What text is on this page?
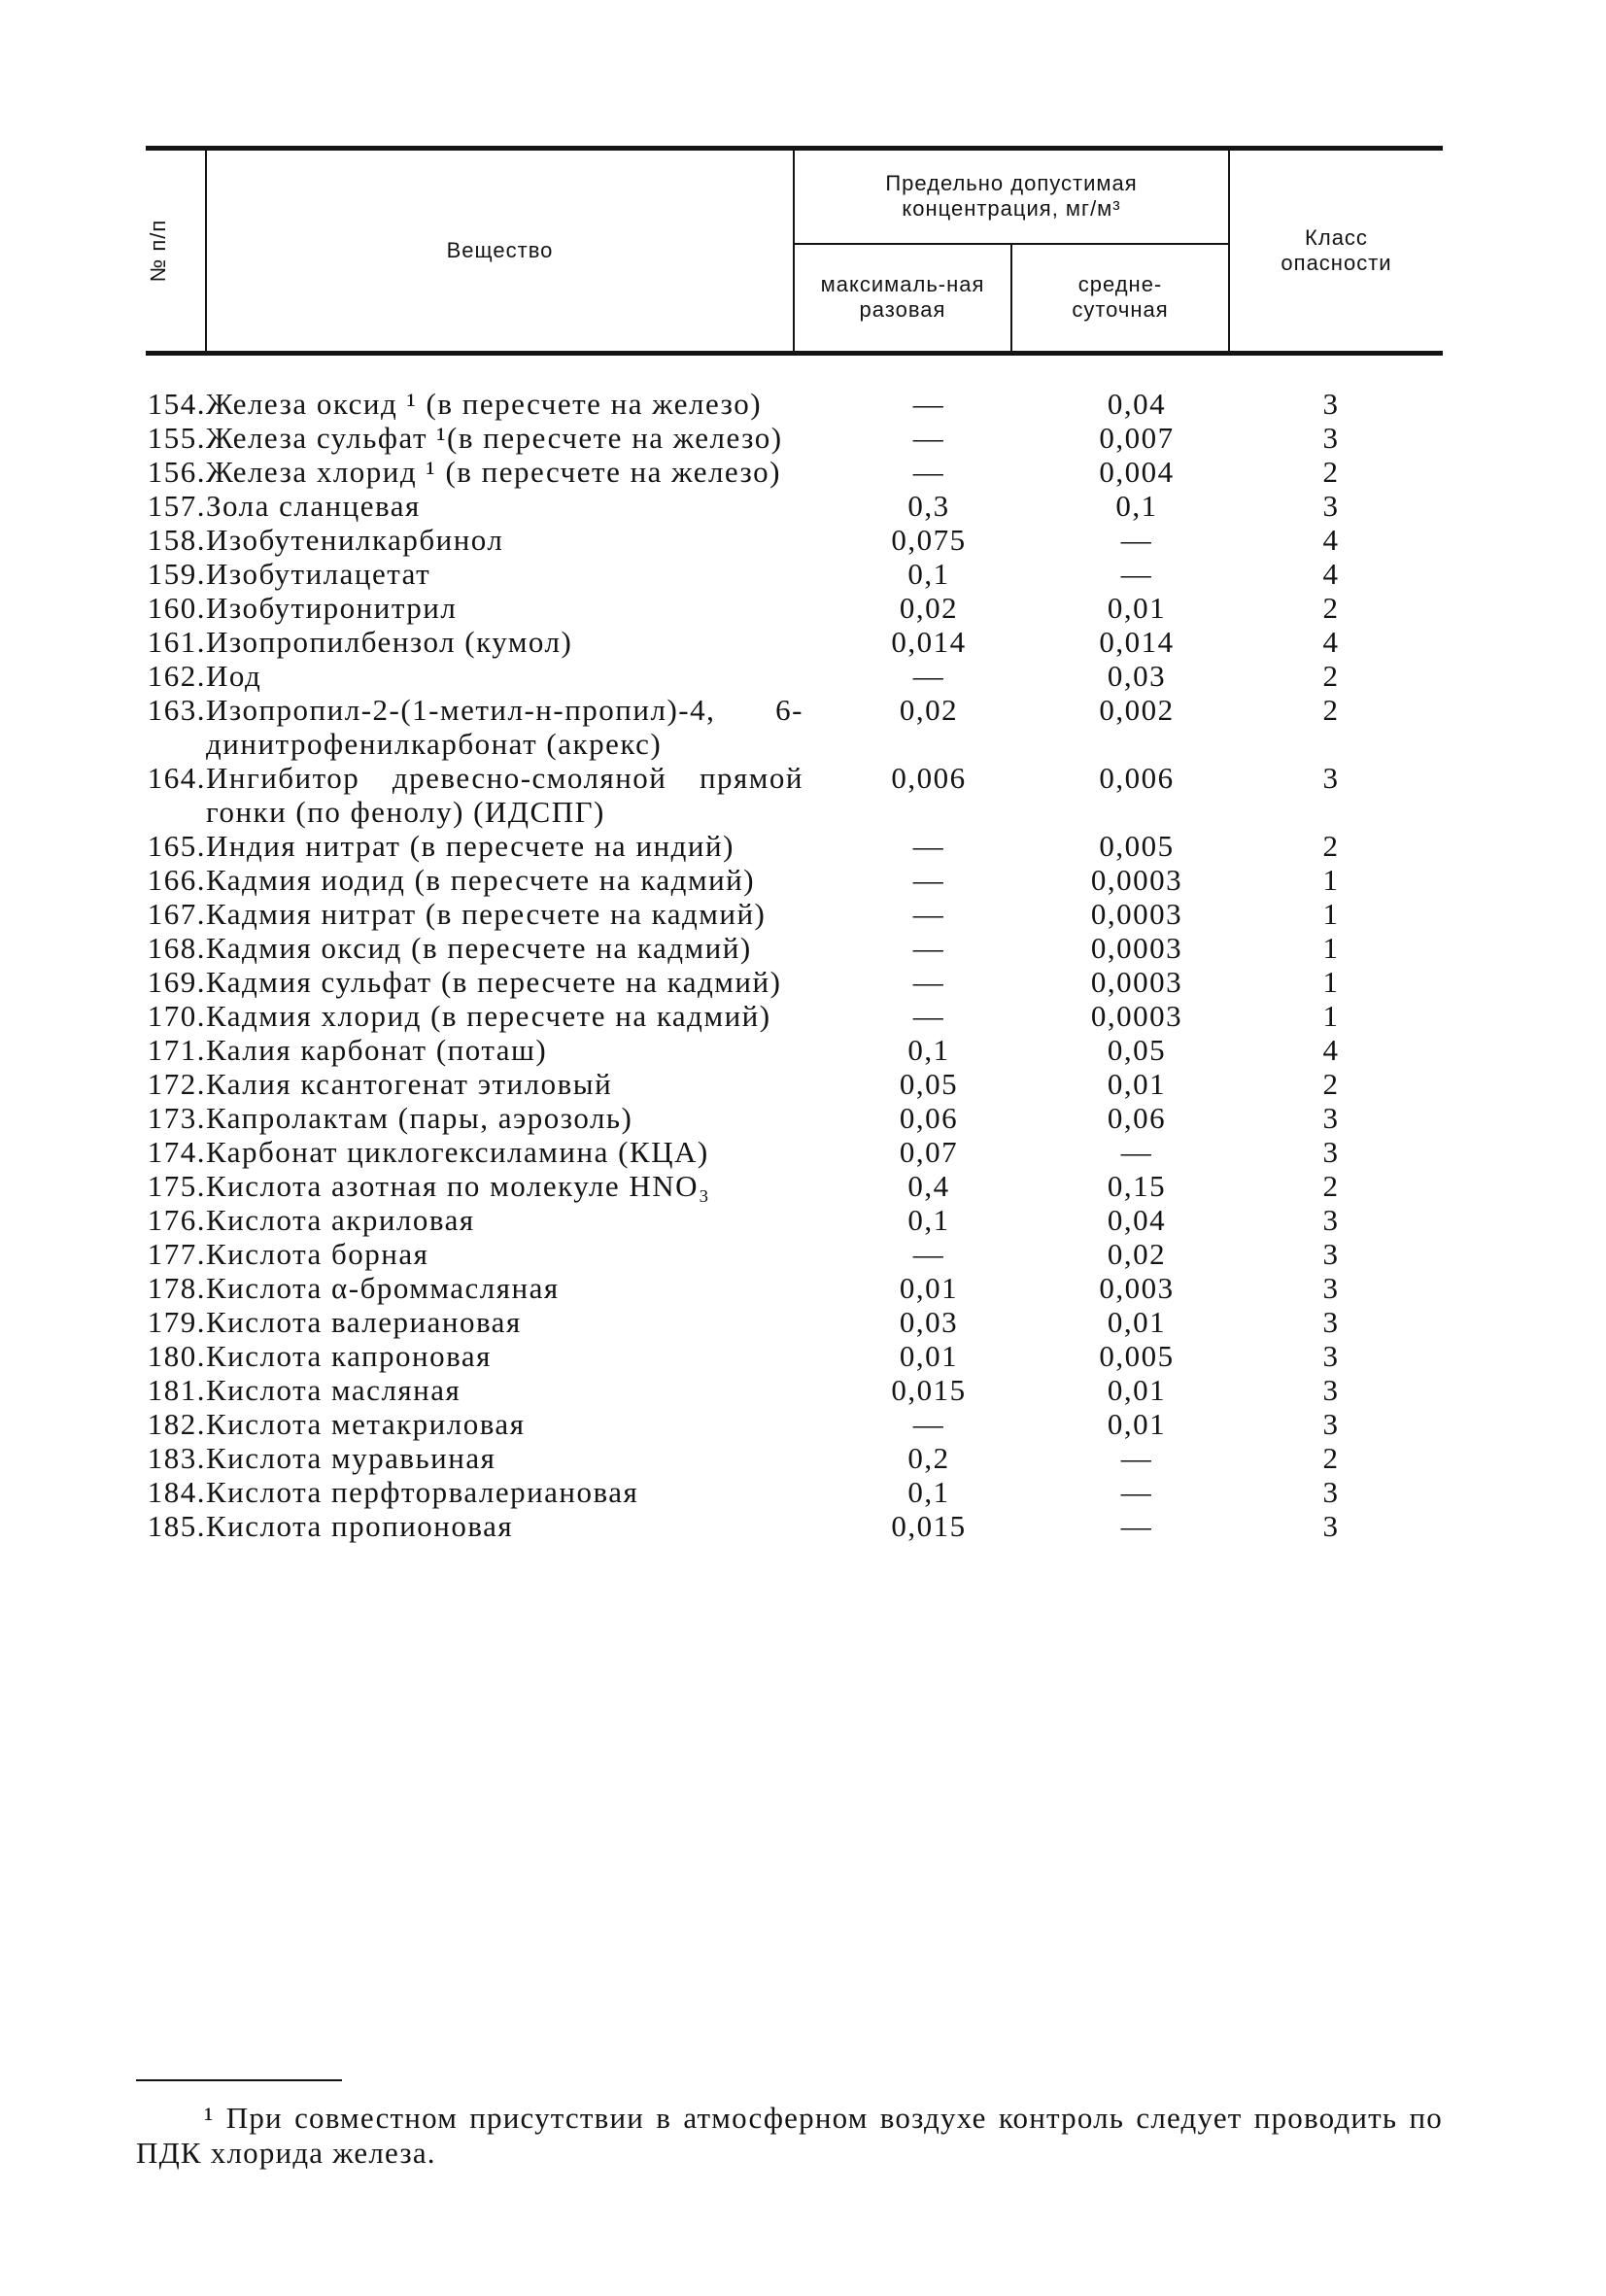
№ п/п	Вещество	Предельно допустимая концентрация, мг/м³		Класс опасности

		максималь-ная разовая	средне-суточная	
154.	Железа оксид ¹ (в пересчете на железо)	—	0,04	3
155.	Железа сульфат ¹(в пересчете на железо)	—	0,007	3
156.	Железа хлорид ¹ (в пересчете на железо)	—	0,004	2
157.	Зола сланцевая	0,3	0,1	3
158.	Изобутенилкарбинол	0,075	—	4
159.	Изобутилацетат	0,1	—	4
160.	Изобутиронитрил	0,02	0,01	2
161.	Изопропилбензол (кумол)	0,014	0,014	4
162.	Иод	—	0,03	2
163.	Изопропил-2-(1-метил-н-пропил)-4, 6-динитрофенилкарбонат (акрекс)	0,02	0,002	2
164.	Ингибитор древесно-смоляной прямой гонки (по фенолу) (ИДСПГ)	0,006	0,006	3
165.	Индия нитрат (в пересчете на индий)	—	0,005	2
166.	Кадмия иодид (в пересчете на кадмий)	—	0,0003	1
167.	Кадмия нитрат (в пересчете на кадмий)	—	0,0003	1
168.	Кадмия оксид (в пересчете на кадмий)	—	0,0003	1
169.	Кадмия сульфат (в пересчете на кадмий)	—	0,0003	1
170.	Кадмия хлорид (в пересчете на кадмий)	—	0,0003	1
171.	Калия карбонат (поташ)	0,1	0,05	4
172.	Калия ксантогенат этиловый	0,05	0,01	2
173.	Капролактам (пары, аэрозоль)	0,06	0,06	3
174.	Карбонат циклогексиламина (КЦА)	0,07	—	3
175.	Кислота азотная по молекуле HNO₃	0,4	0,15	2
176.	Кислота акриловая	0,1	0,04	3
177.	Кислота борная	—	0,02	3
178.	Кислота α-броммасляная	0,01	0,003	3
179.	Кислота валериановая	0,03	0,01	3
180.	Кислота капроновая	0,01	0,005	3
181.	Кислота масляная	0,015	0,01	3
182.	Кислота метакриловая	—	0,01	3
183.	Кислота муравьиная	0,2	—	2
184.	Кислота перфторвалериановая	0,1	—	3
185.	Кислота пропионовая	0,015	—	3
¹ При совместном присутствии в атмосферном воздухе контроль следует проводить по ПДК хлорида железа.
